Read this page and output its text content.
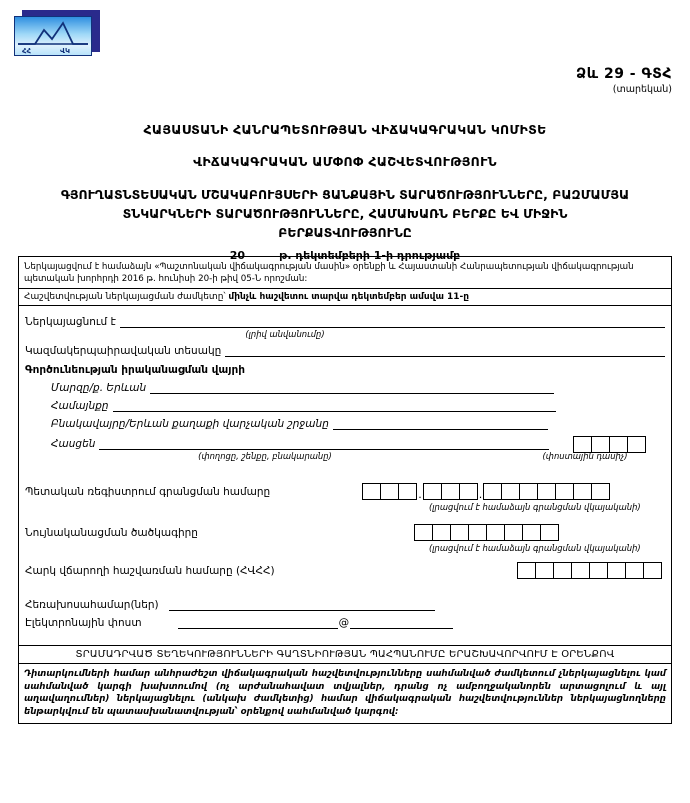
ՀՀ	ՎԿ
Ձև 29 - ԳՏՀ
(տարեկան)
ՀԱՅԱՍՏԱՆԻ ՀԱՆՐԱՊԵՏՈՒԹՅԱՆ ՎԻՃԱԿԱԳՐԱԿԱՆ ԿՈՄԻՏԵ
ՎԻՃԱԿԱԳՐԱԿԱՆ ԱՄՓՈՓ ՀԱՇՎԵՏՎՈՒԹՅՈՒՆ
ԳՅՈՒՂԱՏՆՏԵՍԱԿԱՆ ՄՇԱԿԱԲՈՒՅՍԵՐԻ ՑԱՆՔԱՅԻՆ ՏԱՐԱԾՈՒԹՅՈՒՆՆԵՐԸ, ԲԱԶՄԱՄՅԱ
ՏՆԿԱՐԿՆԵՐԻ ՏԱՐԱԾՈՒԹՅՈՒՆՆԵՐԸ, ՀԱՄԱԽԱՌՆ ԲԵՐՔԸ ԵՎ ՄԻՋԻՆ
ԲԵՐՔԱՏՎՈՒԹՅՈՒՆԸ
20	թ. դեկտեմբերի 1-ի դրությամբ
Ներկայացվում է համաձայն «Պաշտոնական վիճակագրության մասին» օրենքի և Հայաստանի Հանրապետության վիճակագրության պետական խորհրդի 2016 թ. հունիսի 20-ի թիվ 05-Ն որոշման:
Հաշվետվության ներկայացման ժամկետը՝ մինչև հաշվետու տարվա դեկտեմբեր ամսվա 11-ը
Ներկայացնում է
(լրիվ անվանումը)
Կազմակերպաիրավական տեսակը
Գործունեության իրականացման վայրի
Մարզը/ք. Երևան
Համայնքը
Բնակավայրը/Երևան քաղաքի վարչական շրջանը
Հասցեն
(փողոցը, շենքը, բնակարանը)	(փոստային դասիչ)
Պետական ռեգիստրում գրանցման համարը	.	.
(լրացվում է համաձայն գրանցման վկայականի)
Նույնականացման ծածկագիրը
(լրացվում է համաձայն գրանցման վկայականի)
Հարկ վճարողի հաշվառման համարը (ՀՎՀՀ)
Հեռախոսահամար(ներ)
Էլեկտրոնային փոստ	@
ՏՐԱՄԱԴՐՎԱԾ ՏԵՂԵԿՈՒԹՅՈՒՆՆԵՐԻ ԳԱՂՏՆԻՈՒԹՅԱՆ ՊԱՀՊԱՆՈՒՄԸ ԵՐԱՇԽԱՎՈՐՎՈՒՄ Է ՕՐԵՆՔՈՎ
Դիտարկումների համար անհրաժեշտ վիճակագրական հաշվետվությունները սահմանված ժամկետում չներկայացնելու կամ սահմանված կարգի խախտումով (ոչ արժանահավատ տվյալներ, դրանց ոչ ամբողջականորեն արտացոլում և այլ աղավաղումներ) ներկայացնելու (անկախ ժամկետից) համար վիճակագրական հաշվետվություններ ներկայացնողները ենթարկվում են պատասխանատվության՝ օրենքով սահմանված կարգով:
